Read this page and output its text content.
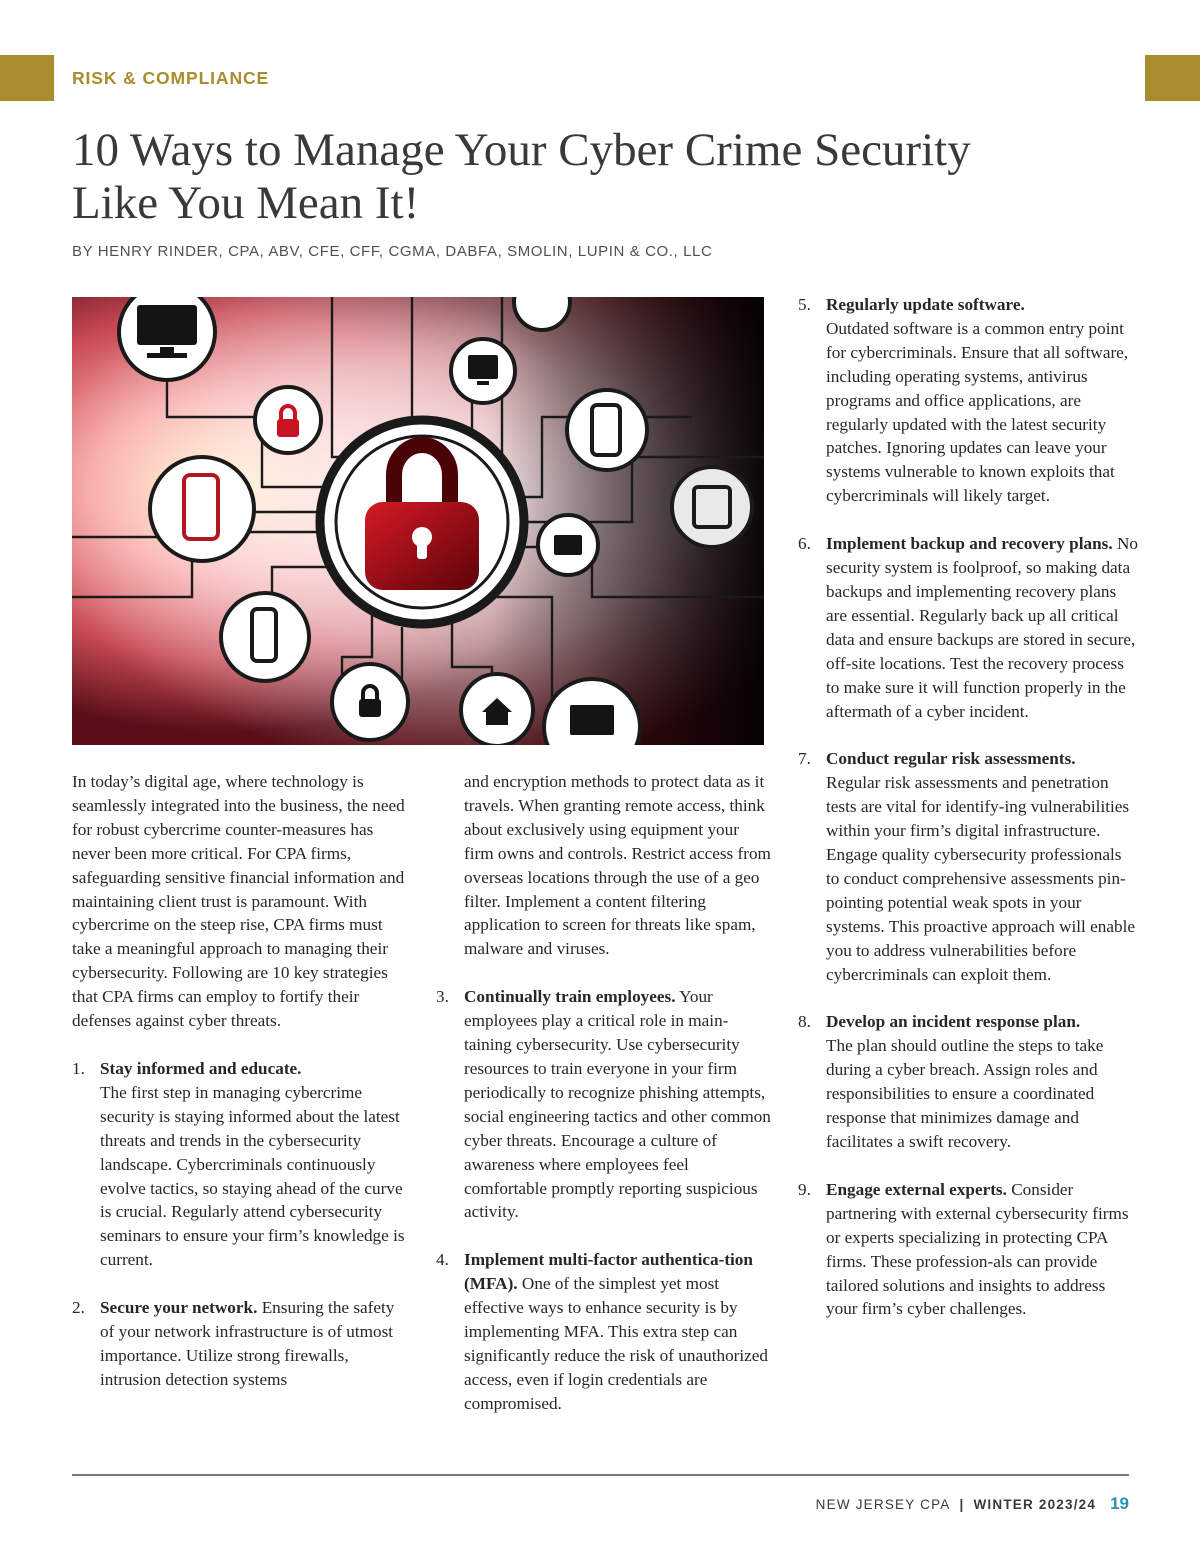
RISK & COMPLIANCE
10 Ways to Manage Your Cyber Crime Security
Like You Mean It!
BY HENRY RINDER, CPA, ABV, CFE, CFF, CGMA, DABFA, SMOLIN, LUPIN & CO., LLC

In today’s digital age, where technology is seamlessly integrated into the business, the need for robust cybercrime counter-measures has never been more critical. For CPA firms, safeguarding sensitive financial information and maintaining client trust is paramount. With cybercrime on the steep rise, CPA firms must take a meaningful approach to managing their cybersecurity. Following are 10 key strategies that CPA firms can employ to fortify their defenses against cyber threats.

1. Stay informed and educate.
The first step in managing cybercrime security is staying informed about the latest threats and trends in the cybersecurity landscape. Cybercriminals continuously evolve tactics, so staying ahead of the curve is crucial. Regularly attend cybersecurity seminars to ensure your firm’s knowledge is current.
2. Secure your network. Ensuring the safety of your network infrastructure is of utmost importance. Utilize strong firewalls, intrusion detection systems
and encryption methods to protect data as it travels. When granting remote access, think about exclusively using equipment your firm owns and controls. Restrict access from overseas locations through the use of a geo filter. Implement a content filtering application to screen for threats like spam, malware and viruses.
3. Continually train employees. Your employees play a critical role in main-taining cybersecurity. Use cybersecurity resources to train everyone in your firm periodically to recognize phishing attempts, social engineering tactics and other common cyber threats. Encourage a culture of awareness where employees feel comfortable promptly reporting suspicious activity.
4. Implement multi-factor authentica-tion (MFA). One of the simplest yet most effective ways to enhance security is by implementing MFA. This extra step can significantly reduce the risk of unauthorized access, even if login credentials are compromised.
5. Regularly update software.
Outdated software is a common entry point for cybercriminals. Ensure that all software, including operating systems, antivirus programs and office applications, are regularly updated with the latest security patches. Ignoring updates can leave your systems vulnerable to known exploits that cybercriminals will likely target.
6. Implement backup and recovery plans. No security system is foolproof, so making data backups and implementing recovery plans are essential. Regularly back up all critical data and ensure backups are stored in secure, off-site locations. Test the recovery process to make sure it will function properly in the aftermath of a cyber incident.
7. Conduct regular risk assessments.
Regular risk assessments and penetration tests are vital for identify-ing vulnerabilities within your firm’s digital infrastructure. Engage quality cybersecurity professionals to conduct comprehensive assessments pin-pointing potential weak spots in your systems. This proactive approach will enable you to address vulnerabilities before cybercriminals can exploit them.
8. Develop an incident response plan.
The plan should outline the steps to take during a cyber breach. Assign roles and responsibilities to ensure a coordinated response that minimizes damage and facilitates a swift recovery.
9. Engage external experts. Consider partnering with external cybersecurity firms or experts specializing in protecting CPA firms. These profession-als can provide tailored solutions and insights to address your firm’s cyber challenges.
NEW JERSEY CPA | WINTER 2023/24 19
